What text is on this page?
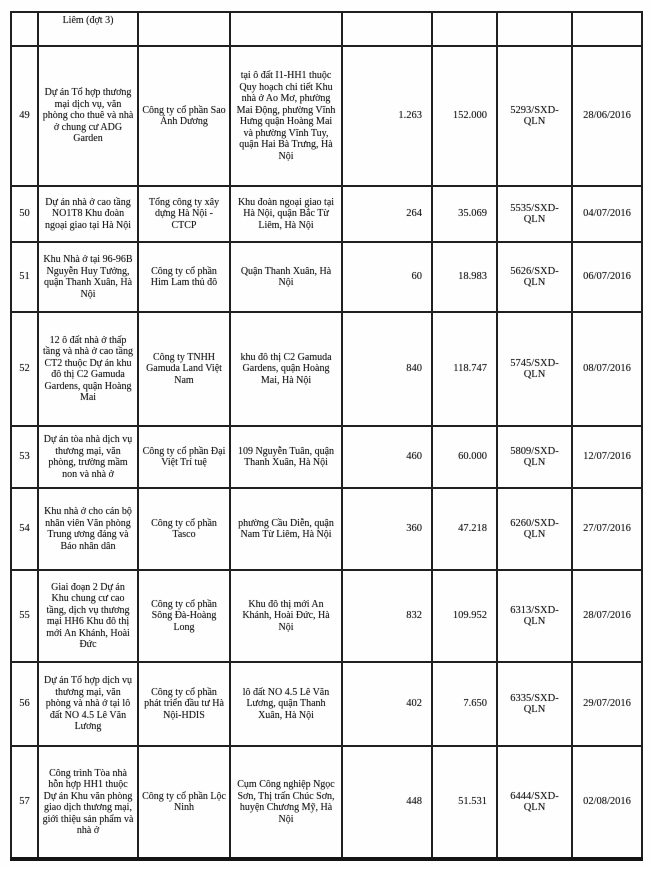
	Liêm (đợt 3)						
49	Dự án Tổ hợp thương mại dịch vụ, văn phòng cho thuê và nhà ở chung cư ADG Garden	Công ty cổ phần Sao Ánh Dương	tại ô đất I1-HH1 thuộc Quy hoạch chi tiết Khu nhà ở Ao Mơ, phường Mai Động, phường Vĩnh Hưng quận Hoàng Mai và phường Vĩnh Tuy, quận Hai Bà Trưng, Hà Nội	1.263	152.000	5293/SXD-QLN	28/06/2016
50	Dự án nhà ở cao tầng NO1T8 Khu đoàn ngoại giao tại Hà Nội	Tổng công ty xây dựng Hà Nội - CTCP	Khu đoàn ngoại giao tại Hà Nội, quận Bắc Từ Liêm, Hà Nội	264	35.069	5535/SXD-QLN	04/07/2016
51	Khu Nhà ở tại 96-96B Nguyễn Huy Tưởng, quận Thanh Xuân, Hà Nội	Công ty cổ phần Him Lam thủ đô	Quận Thanh Xuân, Hà Nội	60	18.983	5626/SXD-QLN	06/07/2016
52	12 ô đất nhà ở thấp tầng và nhà ở cao tầng CT2 thuộc Dự án khu đô thị C2 Gamuda Gardens, quận Hoàng Mai	Công ty TNHH Gamuda Land Việt Nam	khu đô thị C2 Gamuda Gardens, quận Hoàng Mai, Hà Nội	840	118.747	5745/SXD-QLN	08/07/2016
53	Dự án tòa nhà dịch vụ thương mại, văn phòng, trường mầm non và nhà ở	Công ty cổ phần Đại Việt Trí tuệ	109 Nguyễn Tuân, quận Thanh Xuân, Hà Nội	460	60.000	5809/SXD-QLN	12/07/2016
54	Khu nhà ở cho cán bộ nhân viên Văn phòng Trung ương đảng và Báo nhân dân	Công ty cổ phần Tasco	phường Cầu Diễn, quận Nam Từ Liêm, Hà Nội	360	47.218	6260/SXD-QLN	27/07/2016
55	Giai đoạn 2 Dự án Khu chung cư cao tầng, dịch vụ thương mại HH6 Khu đô thị mới An Khánh, Hoài Đức	Công ty cổ phần Sông Đà-Hoàng Long	Khu đô thị mới An Khánh, Hoài Đức, Hà Nội	832	109.952	6313/SXD-QLN	28/07/2016
56	Dự án Tổ hợp dịch vụ thương mại, văn phòng và nhà ở tại lô đất NO 4.5 Lê Văn Lương	Công ty cổ phần phát triển đầu tư Hà Nội-HDIS	lô đất NO 4.5 Lê Văn Lương, quận Thanh Xuân, Hà Nội	402	7.650	6335/SXD-QLN	29/07/2016
57	Công trình Tòa nhà hỗn hợp HH1 thuộc Dự án Khu văn phòng giao dịch thương mại, giới thiệu sản phẩm và nhà ở	Công ty cổ phần Lộc Ninh	Cụm Công nghiệp Ngọc Sơn, Thị trấn Chúc Sơn, huyện Chương Mỹ, Hà Nội	448	51.531	6444/SXD-QLN	02/08/2016
